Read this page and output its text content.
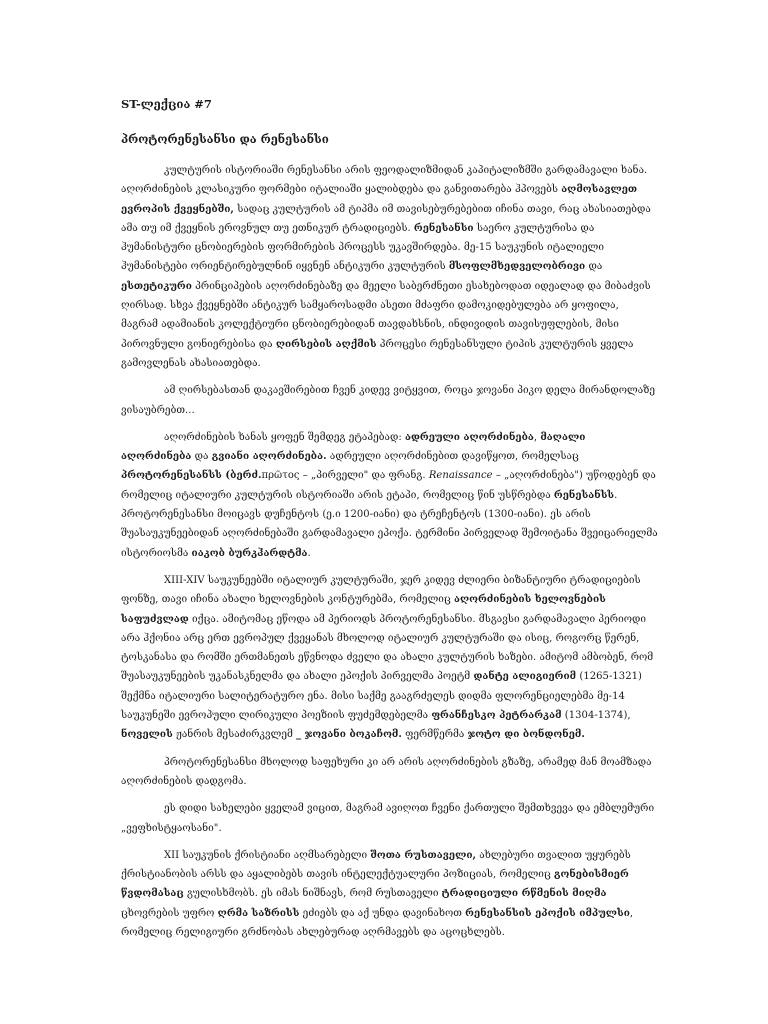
ST-ლექცია #7
პროტორენესანსი და რენესანსი

კულტურის ისტორიაში რენესანსი არის ფეოდალიზმიდან კაპიტალიზმში გარდამავალი ხანა. აღორძინების კლასიკური ფორმები იტალიაში ყალიბდება და განვითარება ჰპოვებს აღმოსავლეთ ევროპის ქვეყნებში, სადაც კულტურის ამ ტიპმა იმ თავისებურებებით იჩინა თავი, რაც ახასიათებდა ამა თუ იმ ქვეყნის ეროვნულ თუ ეთნიკურ ტრადიციებს. რენესანსი საერო კულტურისა და ჰუმანისტური ცნობიერების ფორმირების პროცესს უკავშირდება. მე-15 საუკუნის იტალიელი ჰუმანისტები ორიენტირებულნინ იყვნენ ანტიკური კულტურის მსოფლმხედველობრივი და ესთეტიკური პრინციპების აღორძინებაზე და მეელი საბერძნეთი ესახებოდათ იდეალად და მიბაძვის ღირსად. სხვა ქვეყნებში ანტიკურ სამყაროსადმი ასეთი მძაფრი დამოკიდებულება არ ყოფილა, მაგრამ ადამიანის კოლექტიური ცნობიერებიდან თავდახსნის, ინდივიდის თავისუფლების, მისი პიროვნული გონიერებისა და ღირსების აღქმის პროცესი რენესანსული ტიპის კულტურის ყველა გამოვლენას ახასიათებდა.

ამ ღირსებასთან დაკავშირებით ჩვენ კიდევ ვიტყვით, როცა ჯოვანი პიკო დელა მირანდოლაზე ვისაუბრებთ...

აღორძინების ხანას ყოფენ შემდეგ ეტაპებად: ადრეული აღორძინება, მაღალი აღორძინება და გვიანი აღორძინება. ადრეული აღორძინებით დავიწყოთ, რომელსაც პროტორენესანსს (ბერძ.πρῶτος – „პირველი" და ფრანგ. Renaissance – „აღორძინება") უწოდებენ და რომელიც იტალიური კულტურის ისტორიაში არის ეტაპი, რომელიც წინ უსწრებდა რენესანსს. პროტორენესანსი მოიცავს დუჩენტოს (ე.ი 1200-იანი) და ტრეჩენტოს (1300-იანი). ეს არის შუასაუკუნეებიდან აღორძინებაში გარდამავალი ეპოქა. ტერმინი პირველად შემოიტანა შვეიცარიელმა ისტორიოსმა იაკობ ბურკჰარდტმა.

XIII-XIV საუკუნეებში იტალიურ კულტურაში, ჯერ კიდევ ძლიერი ბიზანტიური ტრადიციების ფონზე, თავი იჩინა ახალი ხელოვნების კონტურებმა, რომელიც აღორძინების ხელოვნების საფუძვლად იქცა. ამიტომაც ეწოდა ამ პერიოდს პროტორენესანსი. მსგავსი გარდამავალი პერიოდი არა ჰქონია არც ერთ ევროპულ ქვეყანას მხოლოდ იტალიურ კულტურაში და ისიც, როგორც წერენ, ტოსკანასა და რომში ერთმანეთს ეწვნოდა ძველი და ახალი კულტურის ხაზები. ამიტომ ამბობენ, რომ შუასაუკუნეების უკანასკნელმა და ახალი ეპოქის პირველმა პოეტმ დანტე ალიგიერიმ (1265-1321) შექმნა იტალიური სალიტერატურო ენა. მისი საქმე გააგრძელეს დიდმა ფლორენციელებმა მე-14 საუკუნეში ევროპული ლირიკული პოეზიის ფუძემდებელმა ფრანჩესკო პეტრარკამ (1304-1374), ნოველის ჟანრის მესაძირკვლემ _ ჯოვანი ბოკაჩომ. ფერმწერმა ჯოტო დი ბონდონემ.

პროტორენესანსი მხოლოდ საფეხური კი არ არის აღორძინების გზაზე, არამედ მან მოამზადა აღორძინების დადგომა.

ეს დიდი სახელები ყველამ ვიცით, მაგრამ ავიღოთ ჩვენი ქართული შემთხვევა და ემბლემური „ვეფხისტყაოსანი".

XII საუკუნის ქრისტიანი აღმსარებელი შოთა რუსთაველი, ახლებური თვალით უყურებს ქრისტიანობის არსს და აყალიბებს თავის ინტელექტუალური პოზიციას, რომელიც გონებისმიერ წვდომასაც გულისხმობს. ეს იმას ნიშნავს, რომ რუსთაველი ტრადიციული რწმენის მიღმა ცხოვრების უფრო ღრმა საზრისს ეძიებს და აქ უნდა დავინახოთ რენესანსის ეპოქის იმპულსი, რომელიც რელიგიური გრძნობას ახლებურად აღრმავებს და აცოცხლებს.
